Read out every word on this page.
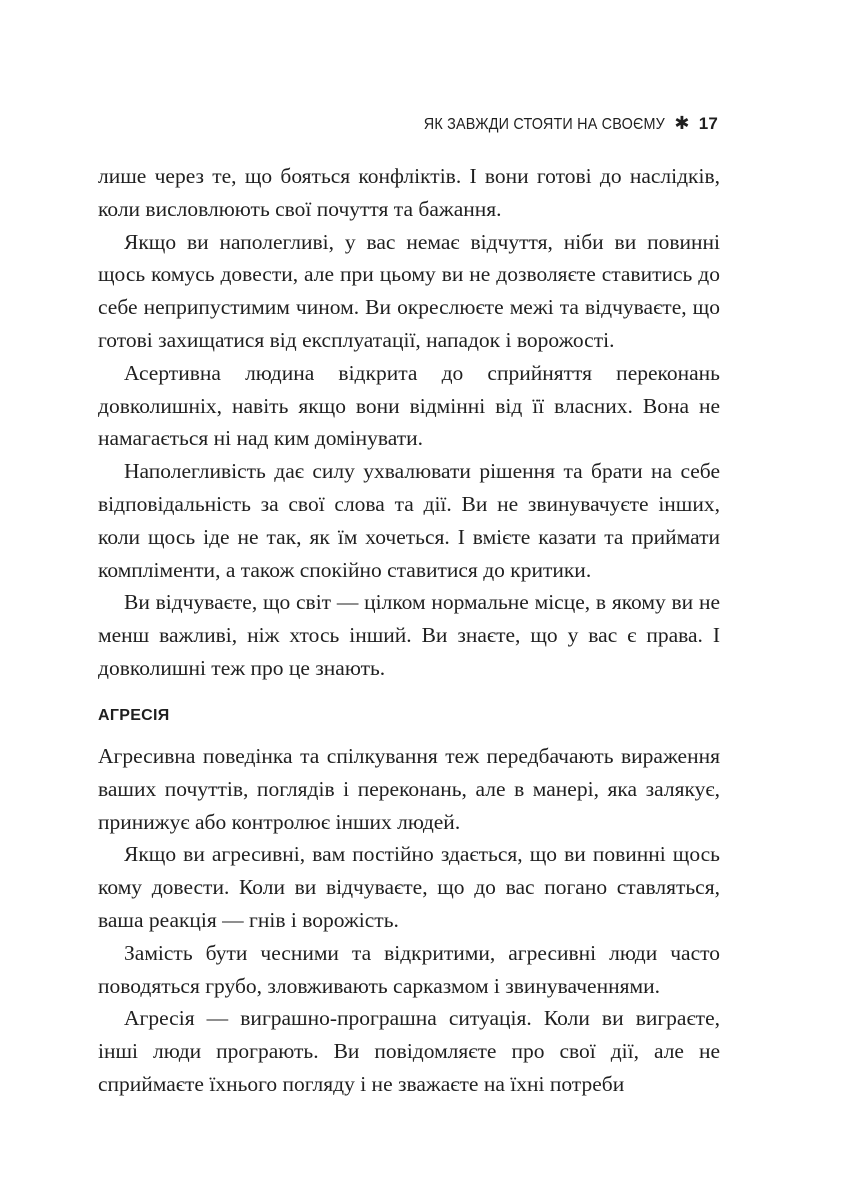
ЯК ЗАВЖДИ СТОЯТИ НА СВОЄМУ ✱ 17

лише через те, що бояться конфліктів. І вони готові до наслідків, коли висловлюють свої почуття та бажання.

Якщо ви наполегливі, у вас немає відчуття, ніби ви повинні щось комусь довести, але при цьому ви не дозволяєте ставитись до себе неприпустимим чином. Ви окреслюєте межі та відчуваєте, що готові захищатися від експлуатації, нападок і ворожості.

Асертивна людина відкрита до сприйняття переконань довколишніх, навіть якщо вони відмінні від її власних. Вона не намагається ні над ким домінувати.

Наполегливість дає силу ухвалювати рішення та брати на себе відповідальність за свої слова та дії. Ви не звинувачуєте інших, коли щось іде не так, як їм хочеться. І вмієте казати та приймати компліменти, а також спокійно ставитися до критики.

Ви відчуваєте, що світ — цілком нормальне місце, в якому ви не менш важливі, ніж хтось інший. Ви знаєте, що у вас є права. І довколишні теж про це знають.

АГРЕСІЯ

Агресивна поведінка та спілкування теж передбачають вираження ваших почуттів, поглядів і переконань, але в манері, яка залякує, принижує або контролює інших людей.

Якщо ви агресивні, вам постійно здається, що ви повинні щось кому довести. Коли ви відчуваєте, що до вас погано ставляться, ваша реакція — гнів і ворожість.

Замість бути чесними та відкритими, агресивні люди часто поводяться грубо, зловживають сарказмом і звинуваченнями.

Агресія — виграшно-програшна ситуація. Коли ви виграєте, інші люди програють. Ви повідомляєте про свої дії, але не сприймаєте їхнього погляду і не зважаєте на їхні потреби
